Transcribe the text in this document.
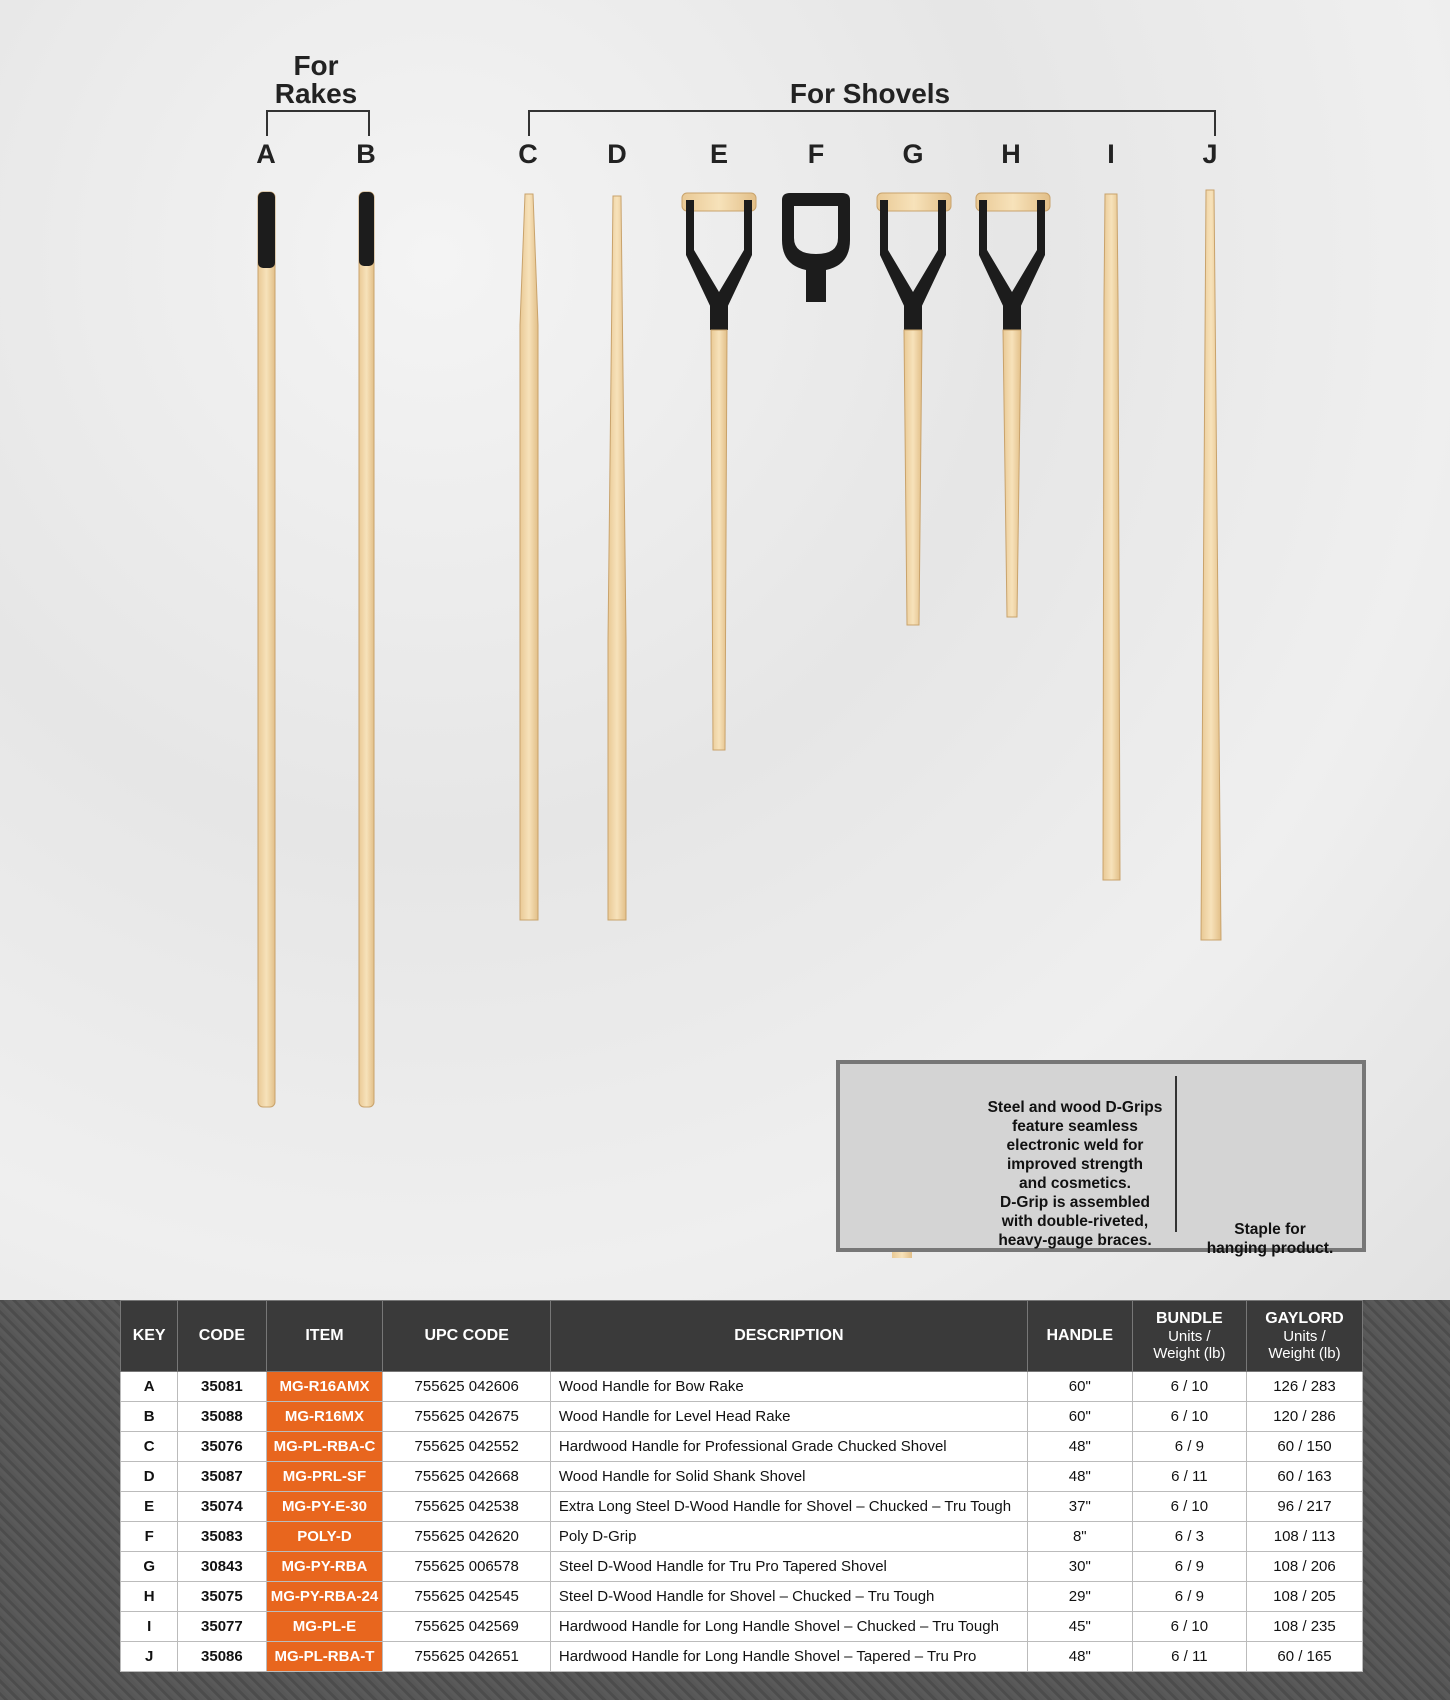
For
Rakes	For Shovels
A	B	C	D	E	F	G	H	I	J
Steel and wood D-Grips
feature seamless
electronic weld for
improved strength
and cosmetics.
D-Grip is assembled
with double-riveted,
heavy-gauge braces.
Staple for
hanging product.
KEY	CODE	ITEM	UPC CODE	DESCRIPTION	HANDLE	BUNDLE
Units /
Weight (lb)	GAYLORD
Units /
Weight (lb)

A	35081	MG-R16AMX	755625 042606	Wood Handle for Bow Rake	60"	6 / 10	126 / 283
B	35088	MG-R16MX	755625 042675	Wood Handle for Level Head Rake	60"	6 / 10	120 / 286
C	35076	MG-PL-RBA-C	755625 042552	Hardwood Handle for Professional Grade Chucked Shovel	48"	6 / 9	60 / 150
D	35087	MG-PRL-SF	755625 042668	Wood Handle for Solid Shank Shovel	48"	6 / 11	60 / 163
E	35074	MG-PY-E-30	755625 042538	Extra Long Steel D-Wood Handle for Shovel – Chucked – Tru Tough	37"	6 / 10	96 / 217
F	35083	POLY-D	755625 042620	Poly D-Grip	8"	6 / 3	108 / 113
G	30843	MG-PY-RBA	755625 006578	Steel D-Wood Handle for Tru Pro Tapered Shovel	30"	6 / 9	108 / 206
H	35075	MG-PY-RBA-24	755625 042545	Steel D-Wood Handle for Shovel – Chucked – Tru Tough	29"	6 / 9	108 / 205
I	35077	MG-PL-E	755625 042569	Hardwood Handle for Long Handle Shovel – Chucked – Tru Tough	45"	6 / 10	108 / 235
J	35086	MG-PL-RBA-T	755625 042651	Hardwood Handle for Long Handle Shovel – Tapered – Tru Pro	48"	6 / 11	60 / 165
